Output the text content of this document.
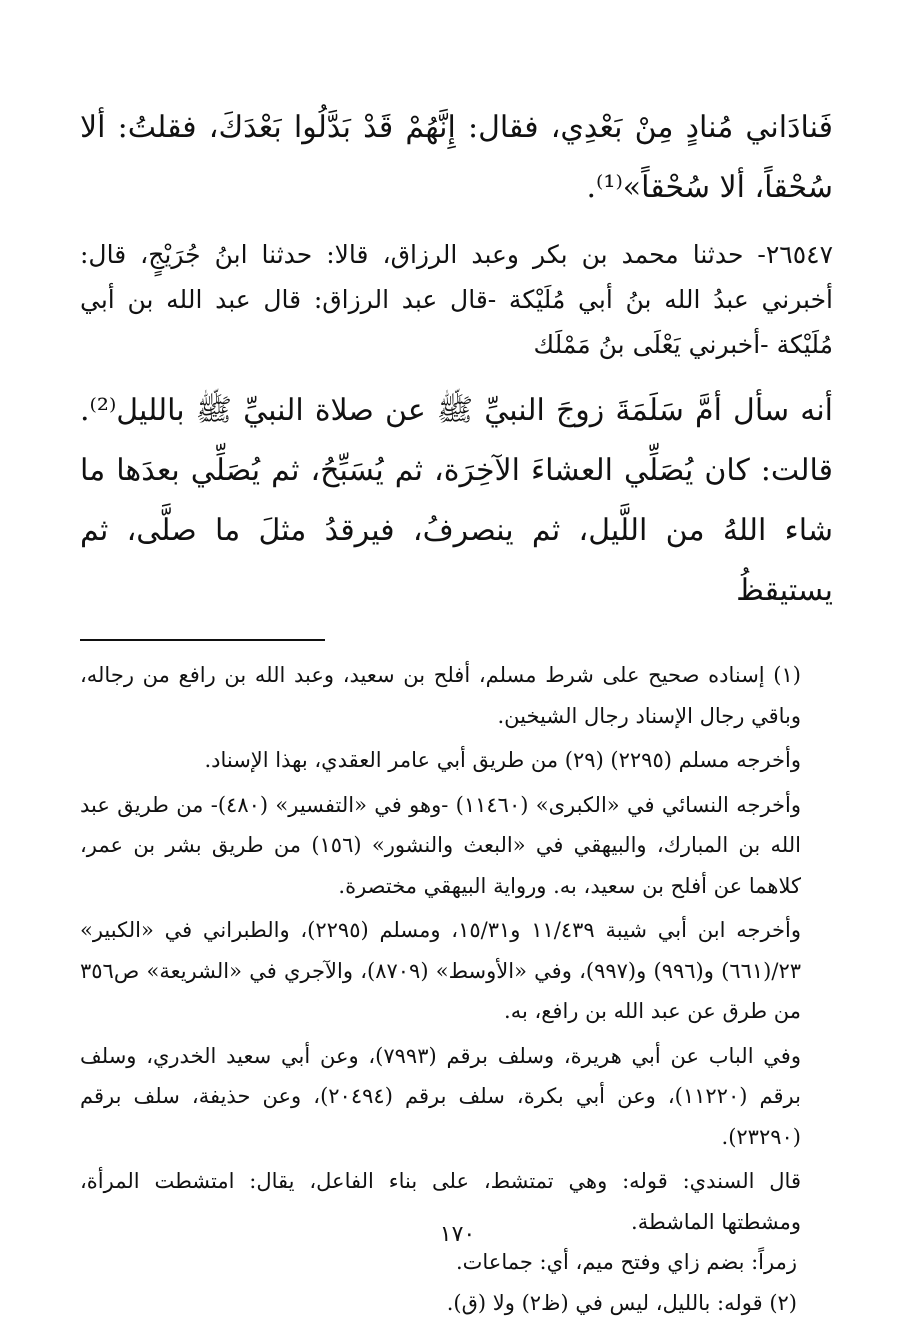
فَنادَاني مُنادٍ مِنْ بَعْدِي، فقال: إِنَّهُمْ قَدْ بَدَّلُوا بَعْدَكَ، فقلتُ: ألا سُحْقاً، ألا سُحْقاً»⁽¹⁾.

٢٦٥٤٧- حدثنا محمد بن بكر وعبد الرزاق، قالا: حدثنا ابنُ جُرَيْجٍ، قال: أخبرني عبدُ الله بنُ أبي مُلَيْكة -قال عبد الرزاق: قال عبد الله بن أبي مُلَيْكة -أخبرني يَعْلَى بنُ مَمْلَك

أنه سأل أمَّ سَلَمَةَ زوجَ النبيِّ ﷺ عن صلاة النبيِّ ﷺ بالليل⁽²⁾. قالت: كان يُصَلِّي العشاءَ الآخِرَة، ثم يُسَبِّحُ، ثم يُصَلِّي بعدَها ما شاء اللهُ من اللَّيل، ثم ينصرفُ، فيرقدُ مثلَ ما صلَّى، ثم يستيقظُ

(١) إسناده صحيح على شرط مسلم، أفلح بن سعيد، وعبد الله بن رافع من رجاله، وباقي رجال الإسناد رجال الشيخين.

وأخرجه مسلم (٢٢٩٥) (٢٩) من طريق أبي عامر العقدي، بهذا الإسناد.

وأخرجه النسائي في «الكبرى» (١١٤٦٠) -وهو في «التفسير» (٤٨٠)- من طريق عبد الله بن المبارك، والبيهقي في «البعث والنشور» (١٥٦) من طريق بشر بن عمر، كلاهما عن أفلح بن سعيد، به. ورواية البيهقي مختصرة.

وأخرجه ابن أبي شيبة ١١/٤٣٩ و١٥/٣١، ومسلم (٢٢٩٥)، والطبراني في «الكبير» ٢٣/(٦٦١) و(٩٩٦) و(٩٩٧)، وفي «الأوسط» (٨٧٠٩)، والآجري في «الشريعة» ص٣٥٦ من طرق عن عبد الله بن رافع، به.

وفي الباب عن أبي هريرة، وسلف برقم (٧٩٩٣)، وعن أبي سعيد الخدري، وسلف برقم (١١٢٢٠)، وعن أبي بكرة، سلف برقم (٢٠٤٩٤)، وعن حذيفة، سلف برقم (٢٣٢٩٠).

قال السندي: قوله: وهي تمتشط، على بناء الفاعل، يقال: امتشطت المرأة، ومشطتها الماشطة.

زمراً: بضم زاي وفتح ميم، أي: جماعات.

(٢) قوله: بالليل، ليس في (ظ٢) ولا (ق).

١٧٠
